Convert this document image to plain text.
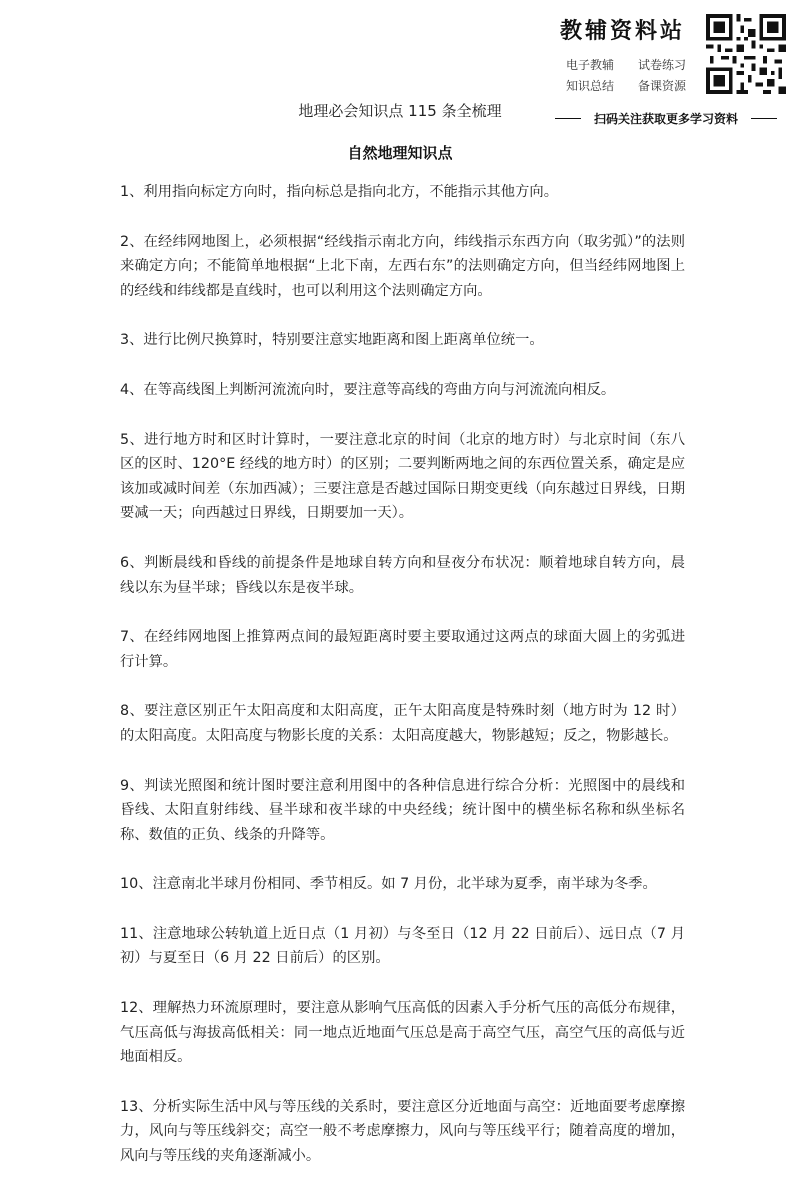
教辅资料站
电子教辅	试卷练习
知识总结	备课资源
扫码关注获取更多学习资料
地理必会知识点 115 条全梳理
自然地理知识点

1、利用指向标定方向时，指向标总是指向北方，不能指示其他方向。

2、在经纬网地图上，必须根据“经线指示南北方向，纬线指示东西方向（取劣弧）”的法则来确定方向；不能简单地根据“上北下南，左西右东”的法则确定方向，但当经纬网地图上的经线和纬线都是直线时，也可以利用这个法则确定方向。

3、进行比例尺换算时，特别要注意实地距离和图上距离单位统一。

4、在等高线图上判断河流流向时，要注意等高线的弯曲方向与河流流向相反。

5、进行地方时和区时计算时，一要注意北京的时间（北京的地方时）与北京时间（东八区的区时、120°E 经线的地方时）的区别；二要判断两地之间的东西位置关系，确定是应该加或减时间差（东加西减）；三要注意是否越过国际日期变更线（向东越过日界线，日期要减一天；向西越过日界线，日期要加一天）。

6、判断晨线和昏线的前提条件是地球自转方向和昼夜分布状况：顺着地球自转方向，晨线以东为昼半球；昏线以东是夜半球。

7、在经纬网地图上推算两点间的最短距离时要主要取通过这两点的球面大圆上的劣弧进行计算。

8、要注意区别正午太阳高度和太阳高度，正午太阳高度是特殊时刻（地方时为 12 时）的太阳高度。太阳高度与物影长度的关系：太阳高度越大，物影越短；反之，物影越长。

9、判读光照图和统计图时要注意利用图中的各种信息进行综合分析：光照图中的晨线和昏线、太阳直射纬线、昼半球和夜半球的中央经线；统计图中的横坐标名称和纵坐标名称、数值的正负、线条的升降等。

10、注意南北半球月份相同、季节相反。如 7 月份，北半球为夏季，南半球为冬季。

11、注意地球公转轨道上近日点（1 月初）与冬至日（12 月 22 日前后）、远日点（7 月初）与夏至日（6 月 22 日前后）的区别。

12、理解热力环流原理时，要注意从影响气压高低的因素入手分析气压的高低分布规律，气压高低与海拔高低相关：同一地点近地面气压总是高于高空气压，高空气压的高低与近地面相反。

13、分析实际生活中风与等压线的关系时，要注意区分近地面与高空：近地面要考虑摩擦力，风向与等压线斜交；高空一般不考虑摩擦力，风向与等压线平行；随着高度的增加，风向与等压线的夹角逐渐减小。
